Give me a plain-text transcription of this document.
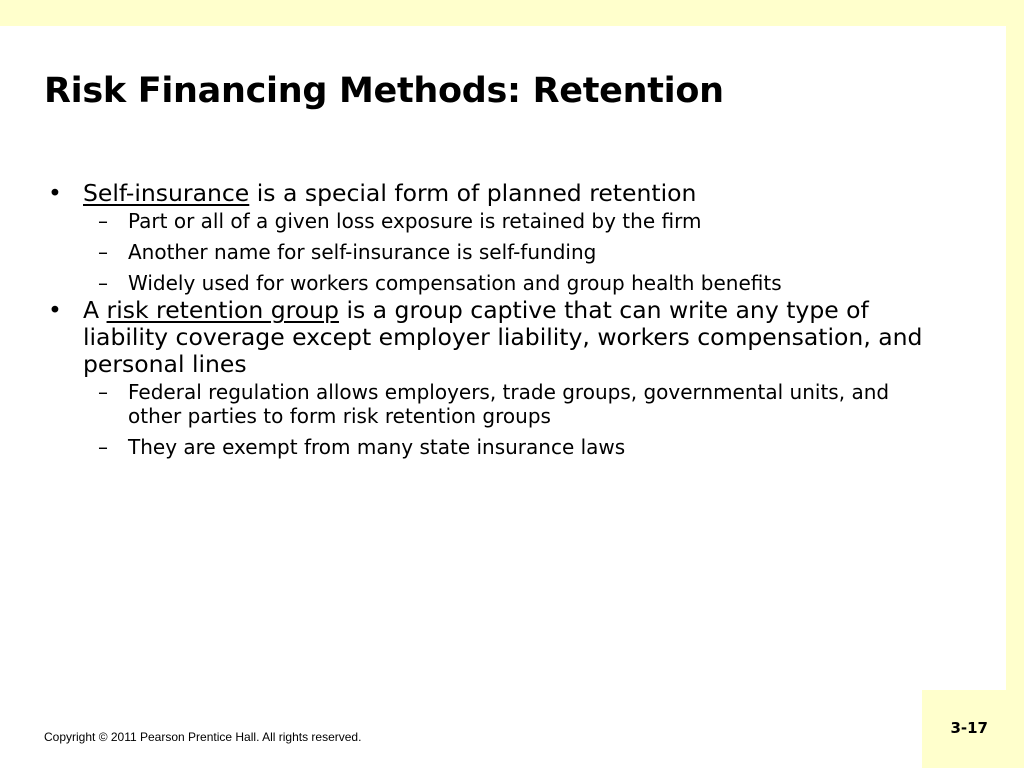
3-17
Risk Financing Methods: Retention
• Self-insurance is a special form of planned retention
– Part or all of a given loss exposure is retained by the firm
– Another name for self-insurance is self-funding
– Widely used for workers compensation and group health benefits
• A risk retention group is a group captive that can write any type of liability coverage except employer liability, workers compensation, and personal lines
– Federal regulation allows employers, trade groups, governmental units, and other parties to form risk retention groups
– They are exempt from many state insurance laws
Copyright © 2011 Pearson Prentice Hall. All rights reserved.
